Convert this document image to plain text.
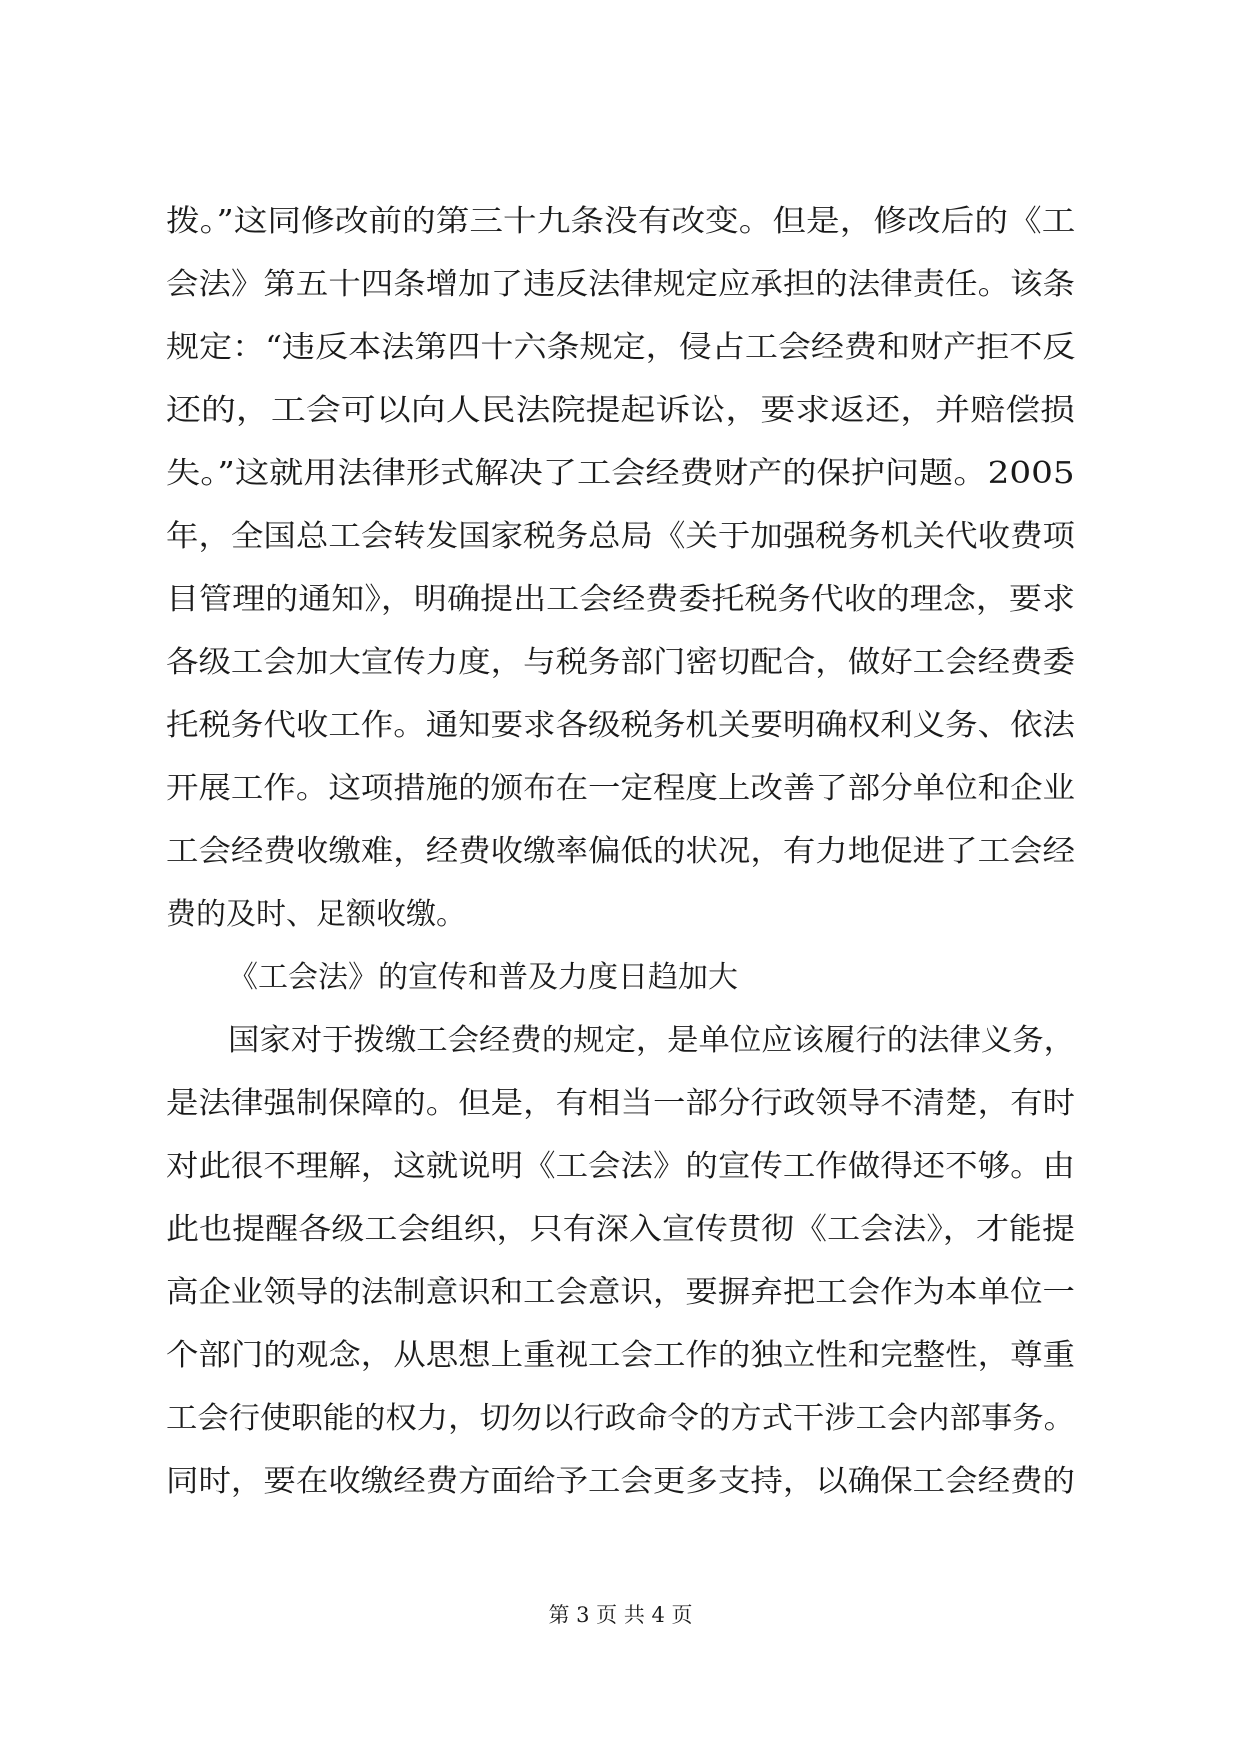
拨。”这同修改前的第三十九条没有改变。但是，修改后的《工
会法》第五十四条增加了违反法律规定应承担的法律责任。该条
规定：“违反本法第四十六条规定，侵占工会经费和财产拒不反
还的，工会可以向人民法院提起诉讼，要求返还，并赔偿损
失。”这就用法律形式解决了工会经费财产的保护问题。2005
年，全国总工会转发国家税务总局《关于加强税务机关代收费项
目管理的通知》，明确提出工会经费委托税务代收的理念，要求
各级工会加大宣传力度，与税务部门密切配合，做好工会经费委
托税务代收工作。通知要求各级税务机关要明确权利义务、依法
开展工作。这项措施的颁布在一定程度上改善了部分单位和企业
工会经费收缴难，经费收缴率偏低的状况，有力地促进了工会经
费的及时、足额收缴。
《工会法》的宣传和普及力度日趋加大
国家对于拨缴工会经费的规定，是单位应该履行的法律义务，
是法律强制保障的。但是，有相当一部分行政领导不清楚，有时
对此很不理解，这就说明《工会法》的宣传工作做得还不够。由
此也提醒各级工会组织，只有深入宣传贯彻《工会法》，才能提
高企业领导的法制意识和工会意识，要摒弃把工会作为本单位一
个部门的观念，从思想上重视工会工作的独立性和完整性，尊重
工会行使职能的权力，切勿以行政命令的方式干涉工会内部事务。
同时，要在收缴经费方面给予工会更多支持，以确保工会经费的
第 3 页 共 4 页
